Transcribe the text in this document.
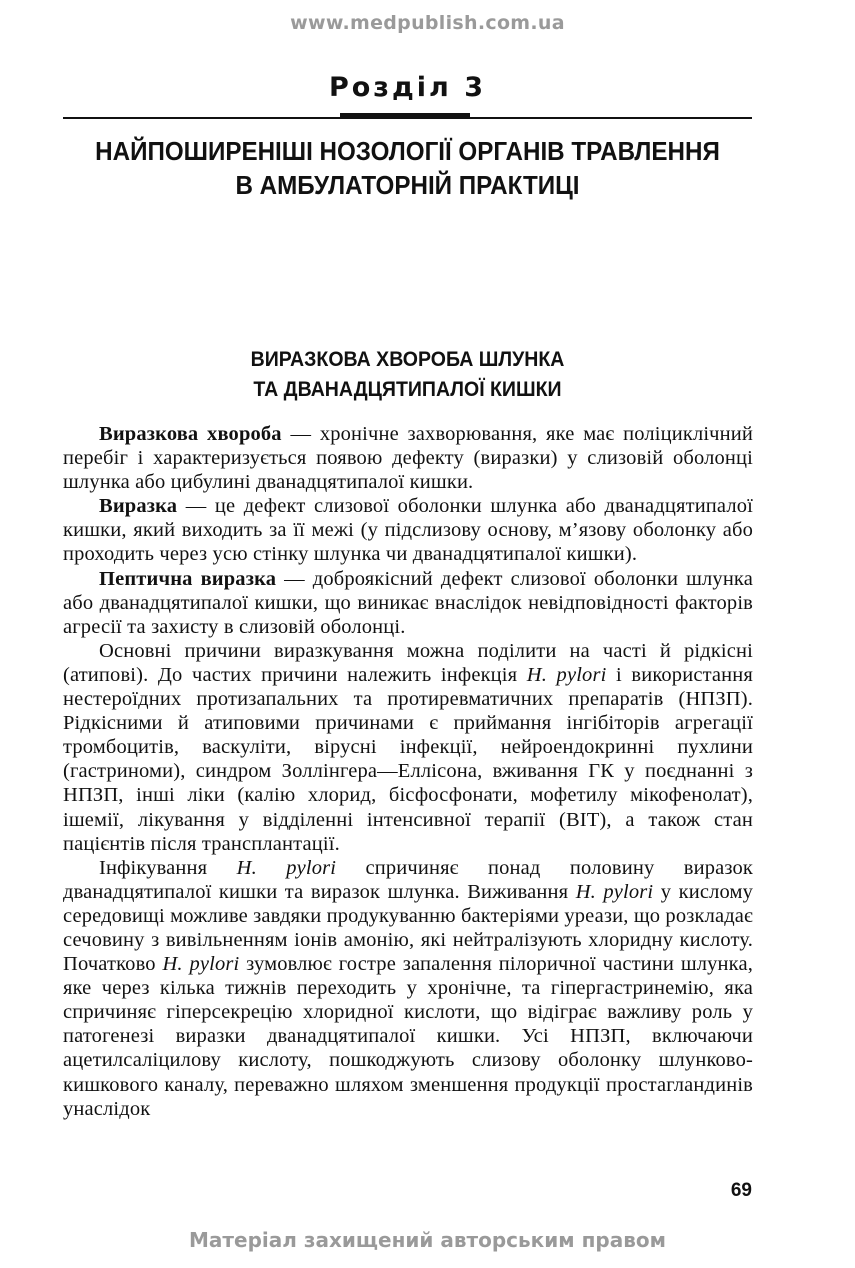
www.medpublish.com.ua
Розділ 3
НАЙПОШИРЕНІШІ НОЗОЛОГІЇ ОРГАНІВ ТРАВЛЕННЯ
В АМБУЛАТОРНІЙ ПРАКТИЦІ
ВИРАЗКОВА ХВОРОБА ШЛУНКА
ТА ДВАНАДЦЯТИПАЛОЇ КИШКИ

Виразкова хвороба — хронічне захворювання, яке має поліциклічний перебіг і характеризується появою дефекту (виразки) у слизовій оболонці шлунка або цибулині дванадцятипалої кишки.

Виразка — це дефект слизової оболонки шлунка або дванадцятипалої кишки, який виходить за її межі (у підслизову основу, м’язову оболонку або проходить через усю стінку шлунка чи дванадцятипалої кишки).

Пептична виразка — доброякісний дефект слизової оболонки шлунка або дванадцятипалої кишки, що виникає внаслідок невідповідності факторів агресії та захисту в слизовій оболонці.

Основні причини виразкування можна поділити на часті й рідкісні (атипові). До частих причини належить інфекція H. pylori і використання нестероїдних протизапальних та протиревматичних препаратів (НПЗП). Рідкісними й атиповими причинами є приймання інгібіторів агрегації тромбоцитів, васкуліти, вірусні інфекції, нейроендокринні пухлини (гастриноми), синдром Золлінгера—Еллісона, вживання ГК у поєднанні з НПЗП, інші ліки (калію хлорид, бісфосфонати, мофетилу мікофенолат), ішемії, лікування у відділенні інтенсивної терапії (ВІТ), а також стан пацієнтів після трансплантації.

Інфікування H. pylori спричиняє понад половину виразок дванадцятипалої кишки та виразок шлунка. Виживання H. pylori у кислому середовищі можливе завдяки продукуванню бактеріями уреази, що розкладає сечовину з вивільненням іонів амонію, які нейтралізують хлоридну кислоту. Початково H. pylori зумовлює гостре запалення пілоричної частини шлунка, яке через кілька тижнів переходить у хронічне, та гіпергастринемію, яка спричиняє гіперсекрецію хлоридної кислоти, що відіграє важливу роль у патогенезі виразки дванадцятипалої кишки. Усі НПЗП, включаючи ацетилсаліцилову кислоту, пошкоджують слизову оболонку шлунково-кишкового каналу, переважно шляхом зменшення продукції простагландинів унаслідок

69
Матеріал захищений авторським правом
